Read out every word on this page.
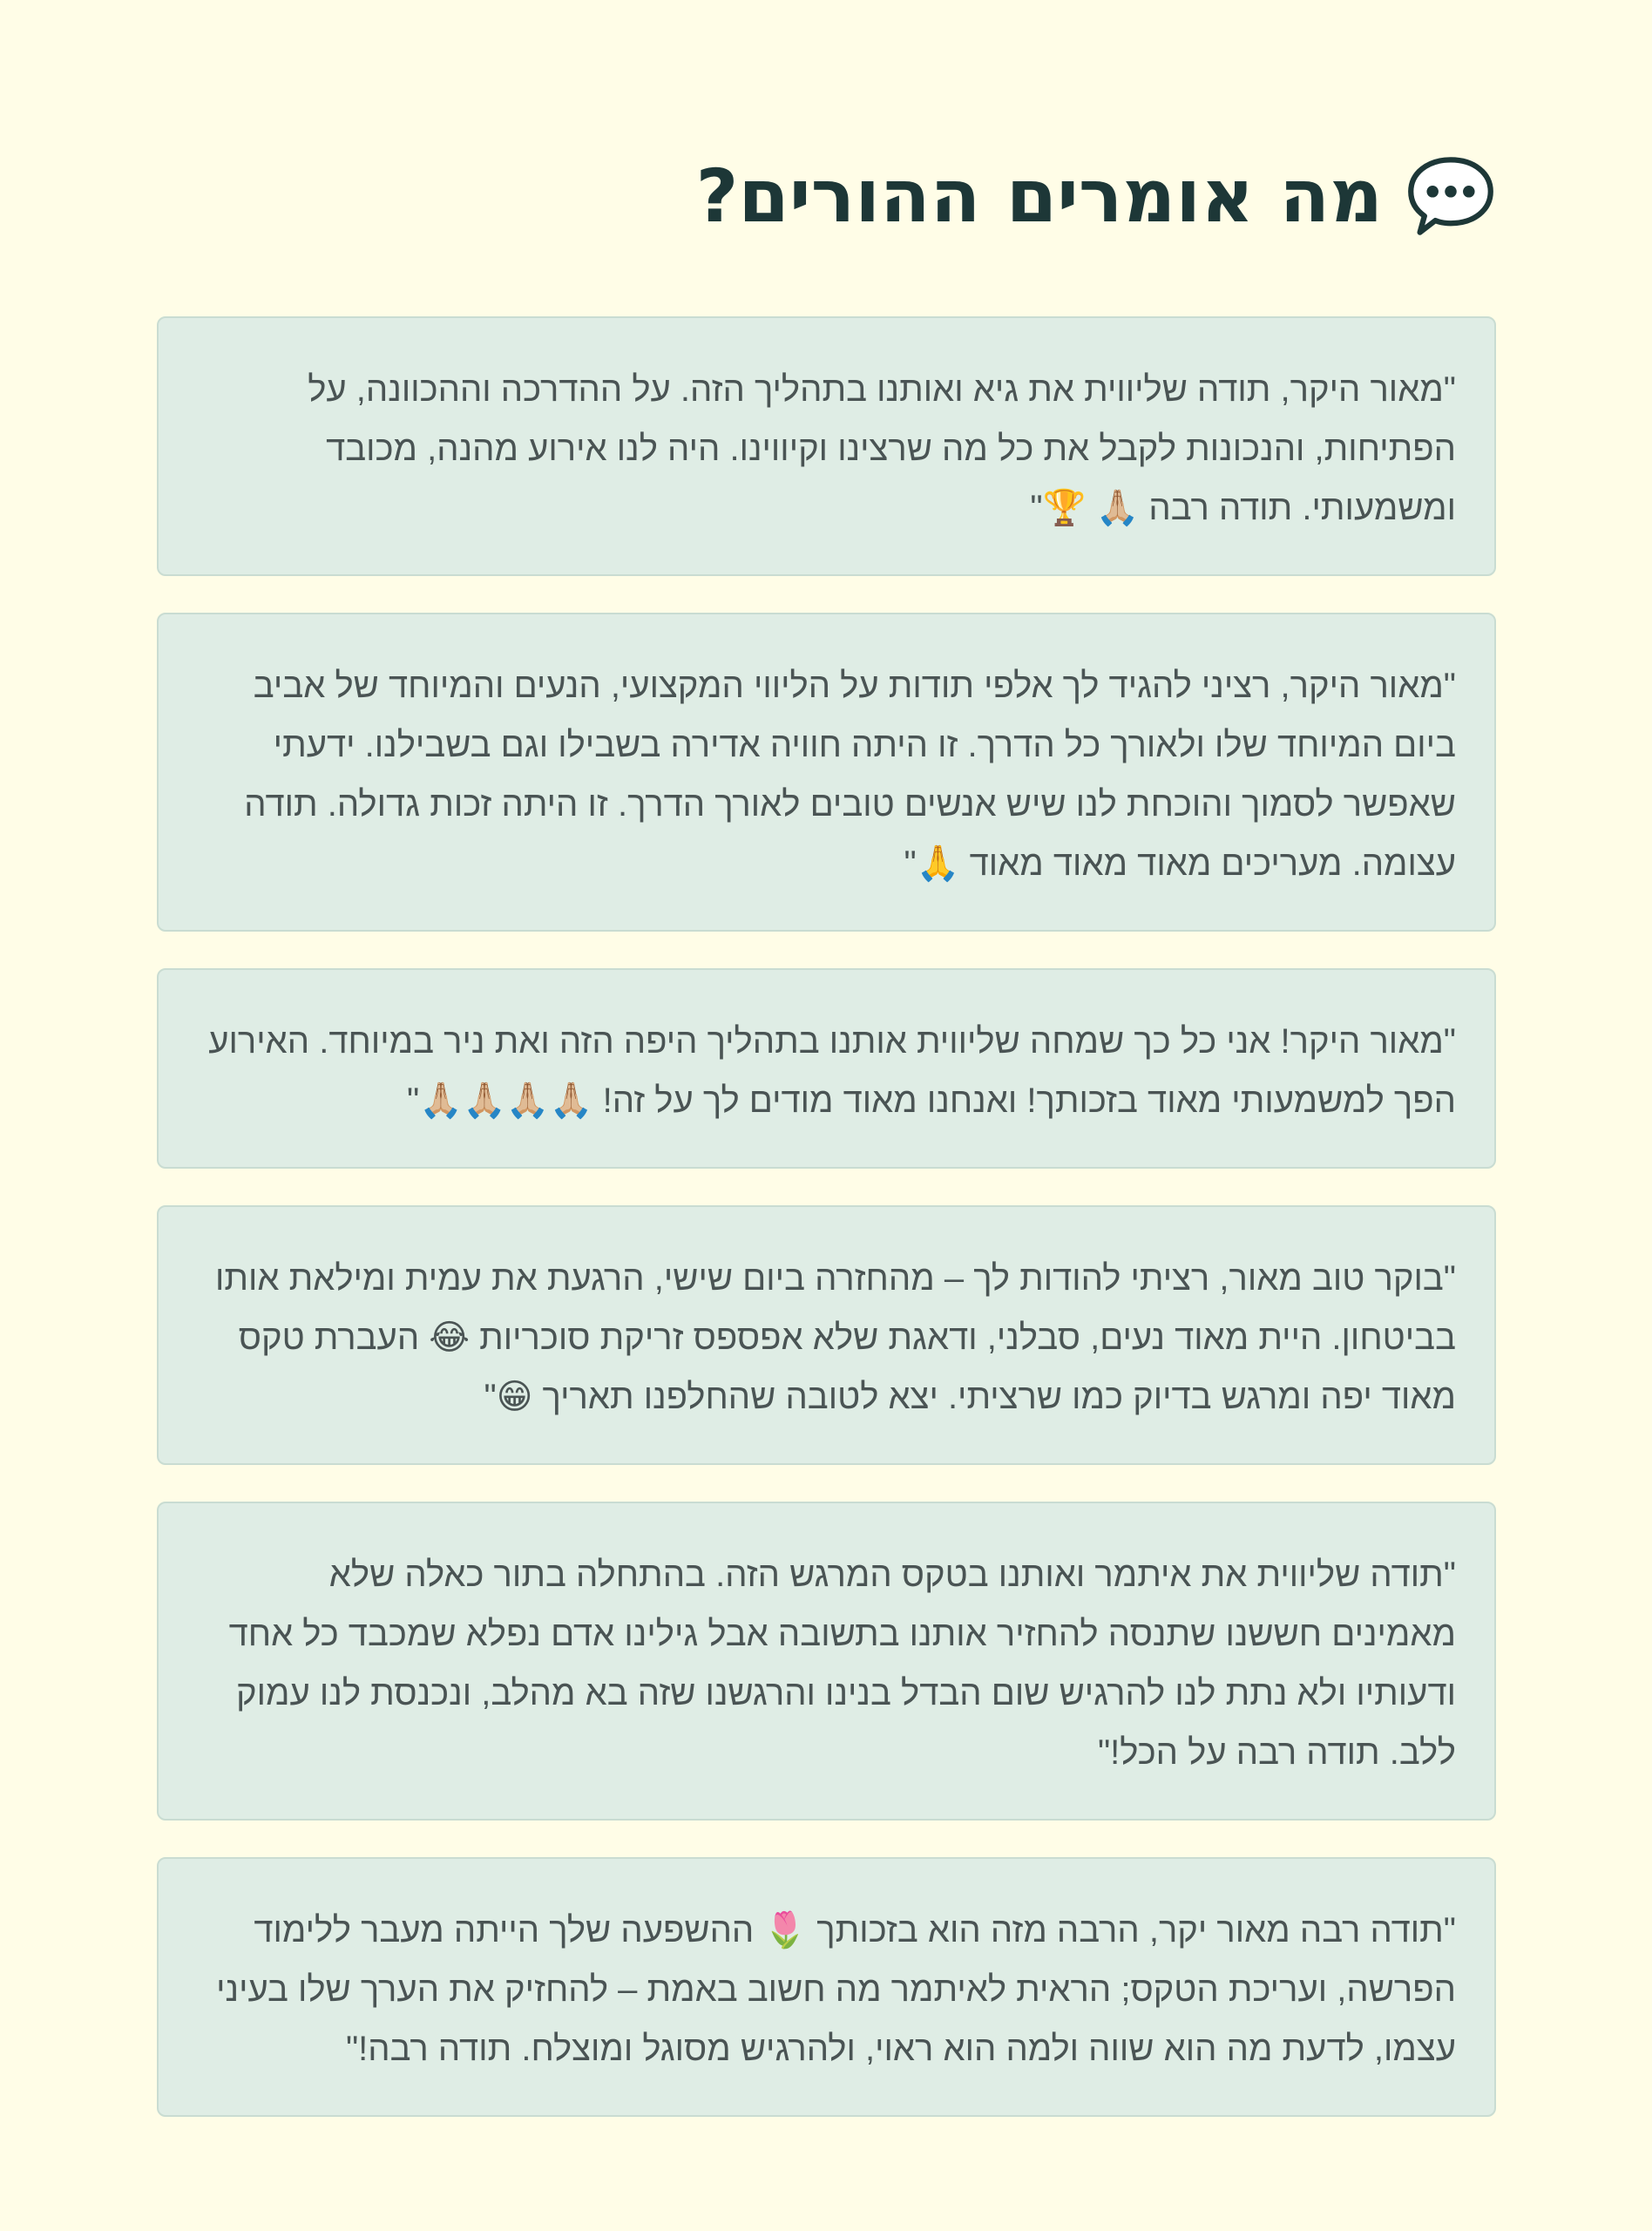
מה אומרים ההורים?

"מאור היקר, תודה שליווית את גיא ואותנו בתהליך הזה. על ההדרכה וההכוונה, על הפתיחות, והנכונות לקבל את כל מה שרצינו וקיווינו. היה לנו אירוע מהנה, מכובד ומשמעותי. תודה רבה 🙏🏼 🏆"

"מאור היקר, רציני להגיד לך אלפי תודות על הליווי המקצועי, הנעים והמיוחד של אביב ביום המיוחד שלו ולאורך כל הדרך. זו היתה חוויה אדירה בשבילו וגם בשבילנו. ידעתי שאפשר לסמוך והוכחת לנו שיש אנשים טובים לאורך הדרך. זו היתה זכות גדולה. תודה עצומה. מעריכים מאוד מאוד מאוד 🙏"

"מאור היקר! אני כל כך שמחה שליווית אותנו בתהליך היפה הזה ואת ניר במיוחד. האירוע הפך למשמעותי מאוד בזכותך! ואנחנו מאוד מודים לך על זה! 🙏🏼🙏🏼🙏🏼🙏🏼"

"בוקר טוב מאור, רציתי להודות לך – מהחזרה ביום שישי, הרגעת את עמית ומילאת אותו בביטחון. היית מאוד נעים, סבלני, ודאגת שלא אפספס זריקת סוכריות 😂 העברת טקס מאוד יפה ומרגש בדיוק כמו שרציתי. יצא לטובה שהחלפנו תאריך 😁"

"תודה שליווית את איתמר ואותנו בטקס המרגש הזה. בהתחלה בתור כאלה שלא מאמינים חששנו שתנסה להחזיר אותנו בתשובה אבל גילינו אדם נפלא שמכבד כל אחד ודעותיו ולא נתת לנו להרגיש שום הבדל בנינו והרגשנו שזה בא מהלב, ונכנסת לנו עמוק ללב. תודה רבה על הכל!"

"תודה רבה מאור יקר, הרבה מזה הוא בזכותך 🌷 ההשפעה שלך הייתה מעבר ללימוד הפרשה, ועריכת הטקס; הראית לאיתמר מה חשוב באמת – להחזיק את הערך שלו בעיני עצמו, לדעת מה הוא שווה ולמה הוא ראוי, ולהרגיש מסוגל ומוצלח. תודה רבה!"
